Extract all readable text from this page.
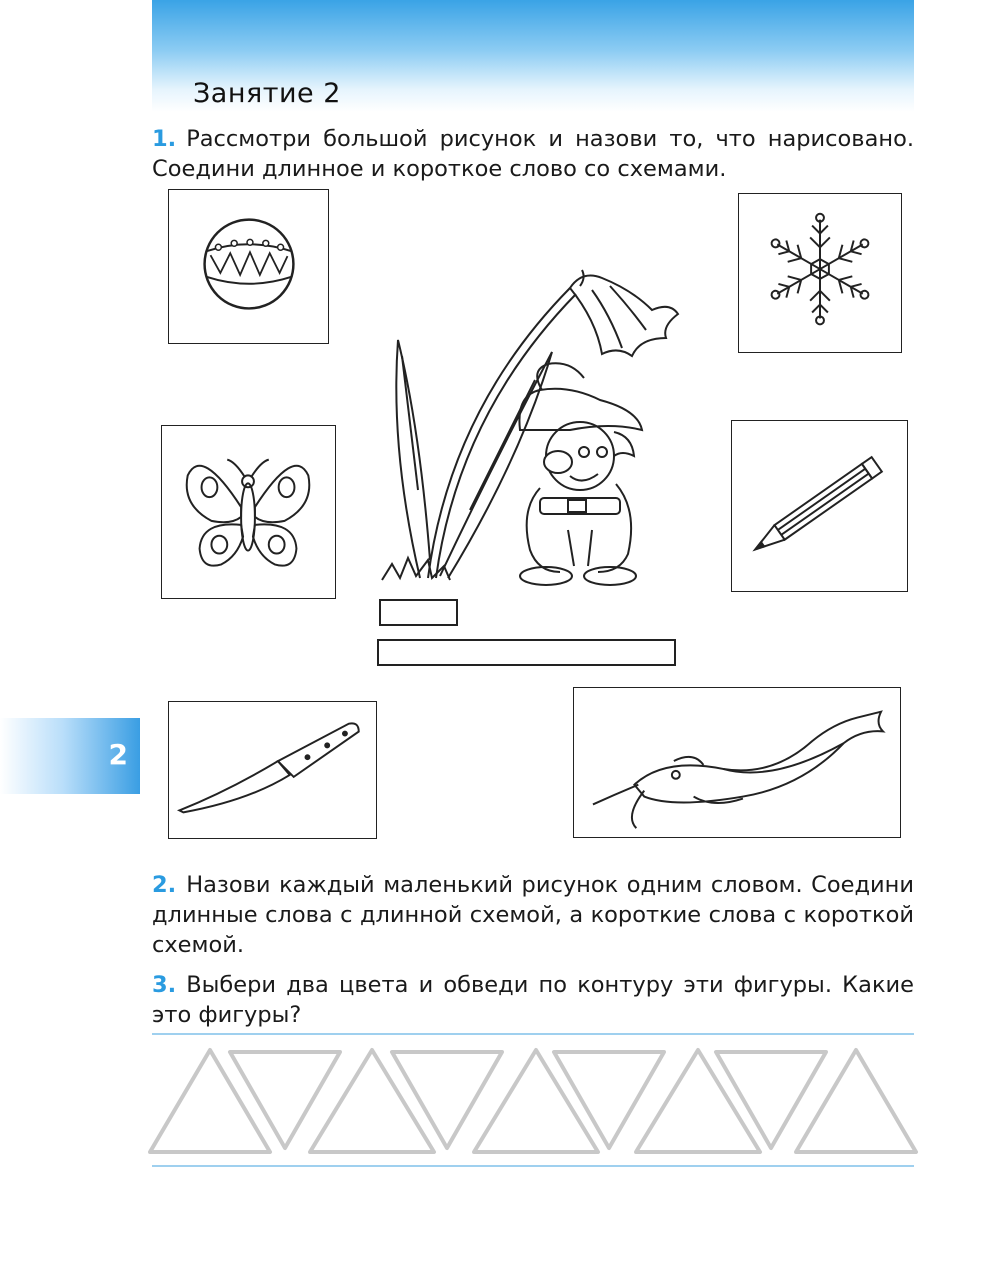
Занятие 2
1. Рассмотри большой рисунок и назови то, что нарисовано. Соедини длинное и короткое слово со схемами.
2
2. Назови каждый маленький рисунок одним словом. Соедини длинные слова с длинной схемой, а короткие слова с короткой схемой.
3. Выбери два цвета и обведи по контуру эти фигуры. Какие это фигуры?
